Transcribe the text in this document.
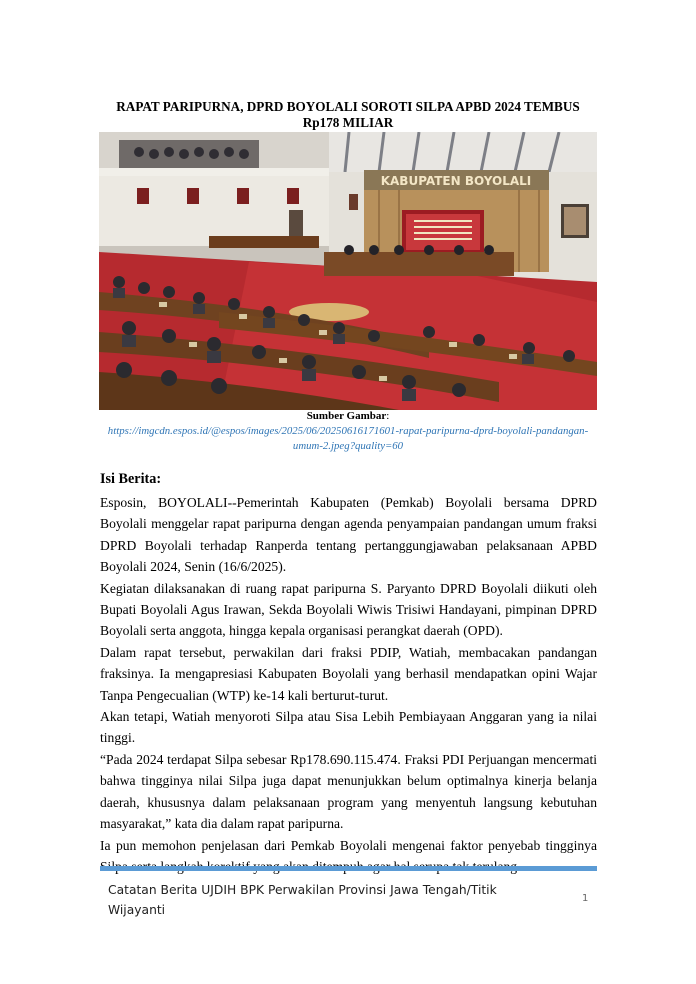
RAPAT PARIPURNA, DPRD BOYOLALI SOROTI SILPA APBD 2024 TEMBUS Rp178 MILIAR
KABUPATEN BOYOLALI
Sumber Gambar:
https://imgcdn.espos.id/@espos/images/2025/06/20250616171601-rapat-paripurna-dprd-boyolali-pandangan-umum-2.jpeg?quality=60
Isi Berita:

Esposin, BOYOLALI--Pemerintah Kabupaten (Pemkab) Boyolali bersama DPRD Boyolali menggelar rapat paripurna dengan agenda penyampaian pandangan umum fraksi DPRD Boyolali terhadap Ranperda tentang pertanggungjawaban pelaksanaan APBD Boyolali 2024, Senin (16/6/2025).

Kegiatan dilaksanakan di ruang rapat paripurna S. Paryanto DPRD Boyolali diikuti oleh Bupati Boyolali Agus Irawan, Sekda Boyolali Wiwis Trisiwi Handayani, pimpinan DPRD Boyolali serta anggota, hingga kepala organisasi perangkat daerah (OPD).

Dalam rapat tersebut, perwakilan dari fraksi PDIP, Watiah, membacakan pandangan fraksinya. Ia mengapresiasi Kabupaten Boyolali yang berhasil mendapatkan opini Wajar Tanpa Pengecualian (WTP) ke-14 kali berturut-turut.

Akan tetapi, Watiah menyoroti Silpa atau Sisa Lebih Pembiayaan Anggaran yang ia nilai tinggi.

“Pada 2024 terdapat Silpa sebesar Rp178.690.115.474. Fraksi PDI Perjuangan mencermati bahwa tingginya nilai Silpa juga dapat menunjukkan belum optimalnya kinerja belanja daerah, khususnya dalam pelaksanaan program yang menyentuh langsung kebutuhan masyarakat,” kata dia dalam rapat paripurna.

Ia pun memohon penjelasan dari Pemkab Boyolali mengenai faktor penyebab tingginya

Catatan Berita UJDIH BPK Perwakilan Provinsi Jawa Tengah/Titik Wijayanti
1
